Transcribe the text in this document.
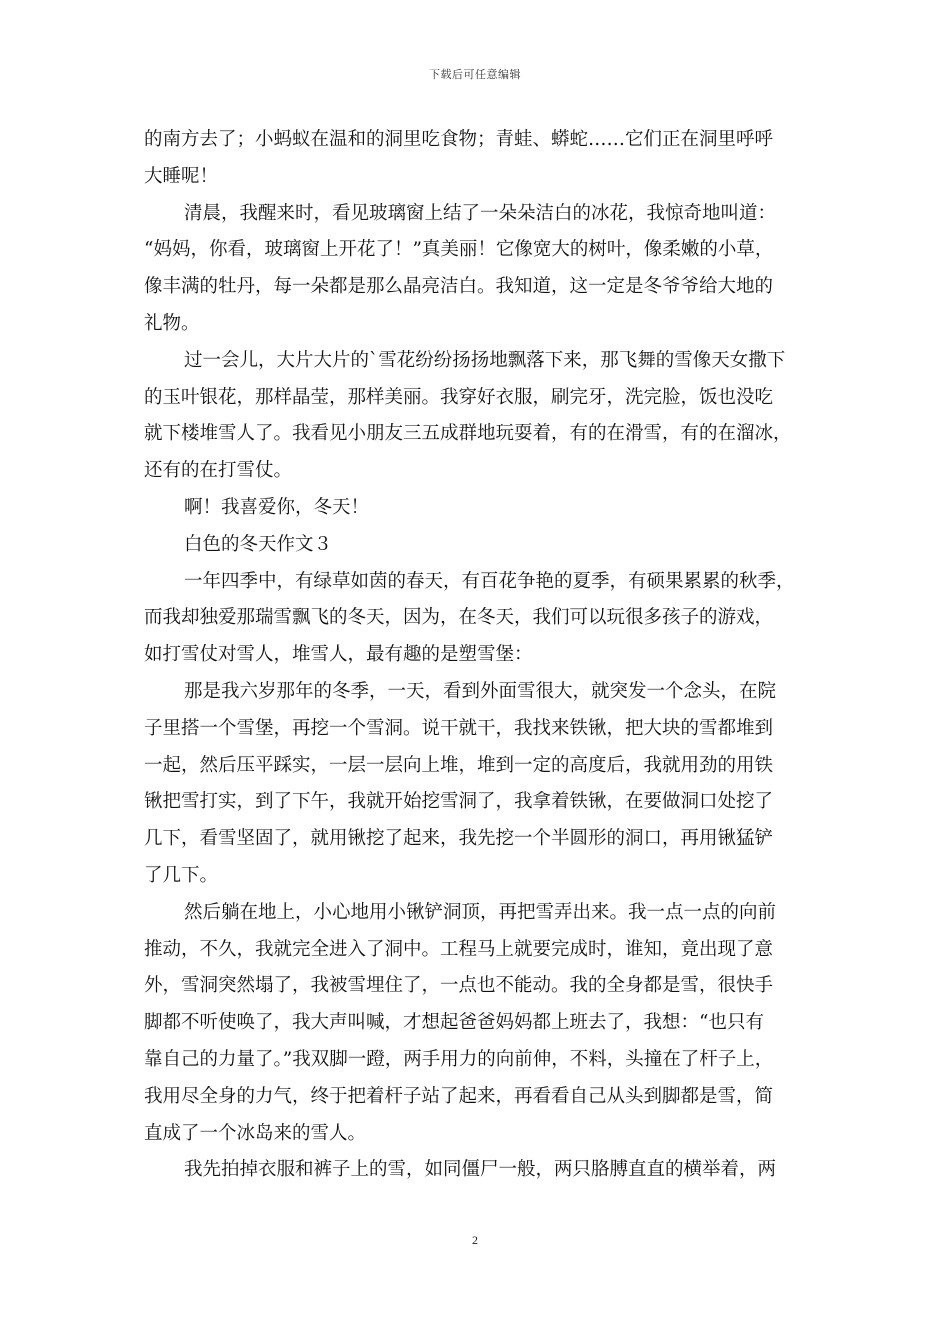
下载后可任意编辑
的南方去了；小蚂蚁在温和的洞里吃食物；青蛙、蟒蛇……它们正在洞里呼呼
大睡呢！
清晨，我醒来时，看见玻璃窗上结了一朵朵洁白的冰花，我惊奇地叫道：
“妈妈，你看，玻璃窗上开花了！”真美丽！它像宽大的树叶，像柔嫩的小草，
像丰满的牡丹，每一朵都是那么晶亮洁白。我知道，这一定是冬爷爷给大地的
礼物。
过一会儿，大片大片的`雪花纷纷扬扬地飘落下来，那飞舞的雪像天女撒下
的玉叶银花，那样晶莹，那样美丽。我穿好衣服，刷完牙，洗完脸，饭也没吃
就下楼堆雪人了。我看见小朋友三五成群地玩耍着，有的在滑雪，有的在溜冰，
还有的在打雪仗。
啊！我喜爱你，冬天！
白色的冬天作文３
一年四季中，有绿草如茵的春天，有百花争艳的夏季，有硕果累累的秋季，
而我却独爱那瑞雪飘飞的冬天，因为，在冬天，我们可以玩很多孩子的游戏，
如打雪仗对雪人，堆雪人，最有趣的是塑雪堡：
那是我六岁那年的冬季，一天，看到外面雪很大，就突发一个念头，在院
子里搭一个雪堡，再挖一个雪洞。说干就干，我找来铁锹，把大块的雪都堆到
一起，然后压平踩实，一层一层向上堆，堆到一定的高度后，我就用劲的用铁
锹把雪打实，到了下午，我就开始挖雪洞了，我拿着铁锹，在要做洞口处挖了
几下，看雪坚固了，就用锹挖了起来，我先挖一个半圆形的洞口，再用锹猛铲
了几下。
然后躺在地上，小心地用小锹铲洞顶，再把雪弄出来。我一点一点的向前
推动，不久，我就完全进入了洞中。工程马上就要完成时，谁知，竟出现了意
外，雪洞突然塌了，我被雪埋住了，一点也不能动。我的全身都是雪，很快手
脚都不听使唤了，我大声叫喊，才想起爸爸妈妈都上班去了，我想：“也只有
靠自己的力量了。”我双脚一蹬，两手用力的向前伸，不料，头撞在了杆子上，
我用尽全身的力气，终于把着杆子站了起来，再看看自己从头到脚都是雪，简
直成了一个冰岛来的雪人。
我先拍掉衣服和裤子上的雪，如同僵尸一般，两只胳膊直直的横举着，两
2
